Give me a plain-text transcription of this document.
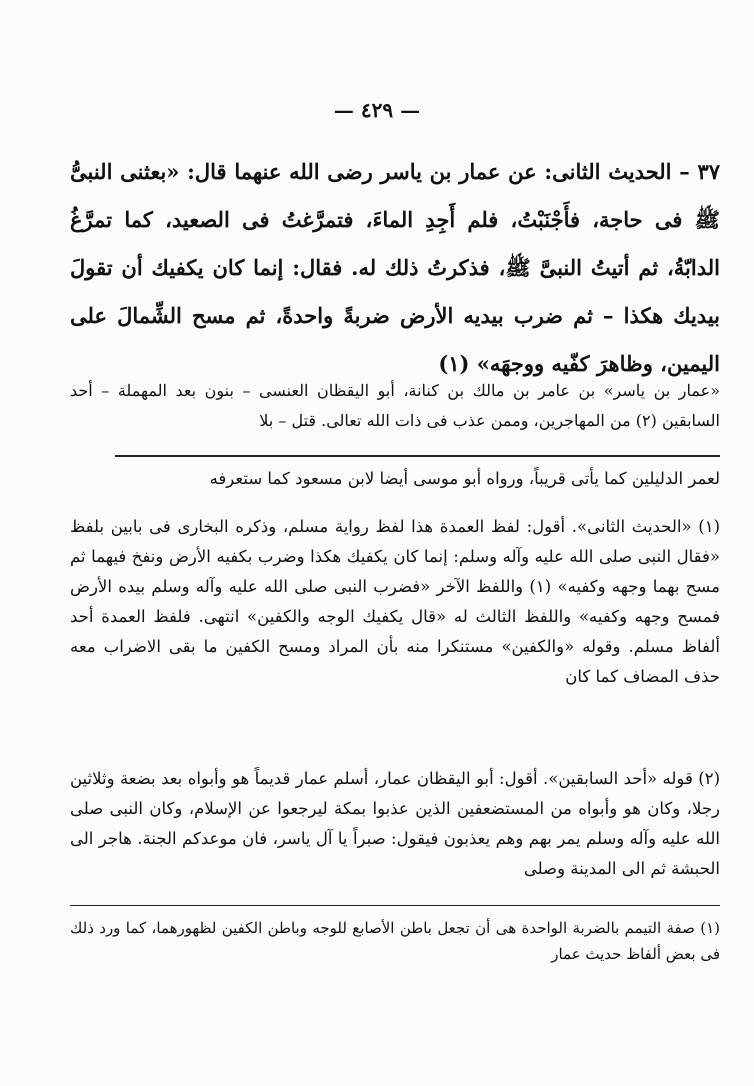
— ٤٢٩ —

٣٧ – الحديث الثانى: عن عمار بن ياسر رضى الله عنهما قال: «بعثنى النبىُّ ﷺ فى حاجة، فأَجْنَبْتُ، فلم أَجِدِ الماءَ، فتمرَّغتُ فى الصعيد، كما تمرَّغُ الدابّةُ، ثم أتيتُ النبىَّ ﷺ، فذكرتُ ذلك له. فقال: إنما كان يكفيك أن تقولَ بيديك هكذا – ثم ضرب بيديه الأرض ضربةً واحدةً، ثم مسح الشِّمالَ على اليمين، وظاهرَ كفّيه ووجهَه» (١)

«عمار بن ياسر» بن عامر بن مالك بن كنانة، أبو اليقظان العنسى – بنون بعد المهملة – أحد السابقين (٢) من المهاجرين، وممن عذب فى ذات الله تعالى. قتل – بلا

لعمر الدليلين كما يأتى قريباً، ورواه أبو موسى أيضا لابن مسعود كما ستعرفه

(١) «الحديث الثانى». أقول: لفظ العمدة هذا لفظ رواية مسلم، وذكره البخارى فى بابين بلفظ «فقال النبى صلى الله عليه وآله وسلم: إنما كان يكفيك هكذا وضرب بكفيه الأرض ونفخ فيهما ثم مسح بهما وجهه وكفيه» (١) واللفظ الآخر «فضرب النبى صلى الله عليه وآله وسلم بيده الأرض فمسح وجهه وكفيه» واللفظ الثالث له «قال يكفيك الوجه والكفين» انتهى. فلفظ العمدة أحد ألفاظ مسلم. وقوله «والكفين» مستنكرا منه بأن المراد ومسح الكفين ما بقى الاضراب معه حذف المضاف كما كان

(٢) قوله «أحد السابقين». أقول: أبو اليقظان عمار، أسلم عمار قديماً هو وأبواه بعد بضعة وثلاثين رجلا، وكان هو وأبواه من المستضعفين الذين عذبوا بمكة ليرجعوا عن الإسلام، وكان النبى صلى الله عليه وآله وسلم يمر بهم وهم يعذبون فيقول: صبراً يا آل ياسر، فان موعدكم الجنة. هاجر الى الحبشة ثم الى المدينة وصلى

(١) صفة التيمم بالضربة الواحدة هى أن تجعل باطن الأصابع للوجه وباطن الكفين لظهورهما، كما ورد ذلك فى بعض ألفاظ حديث عمار
